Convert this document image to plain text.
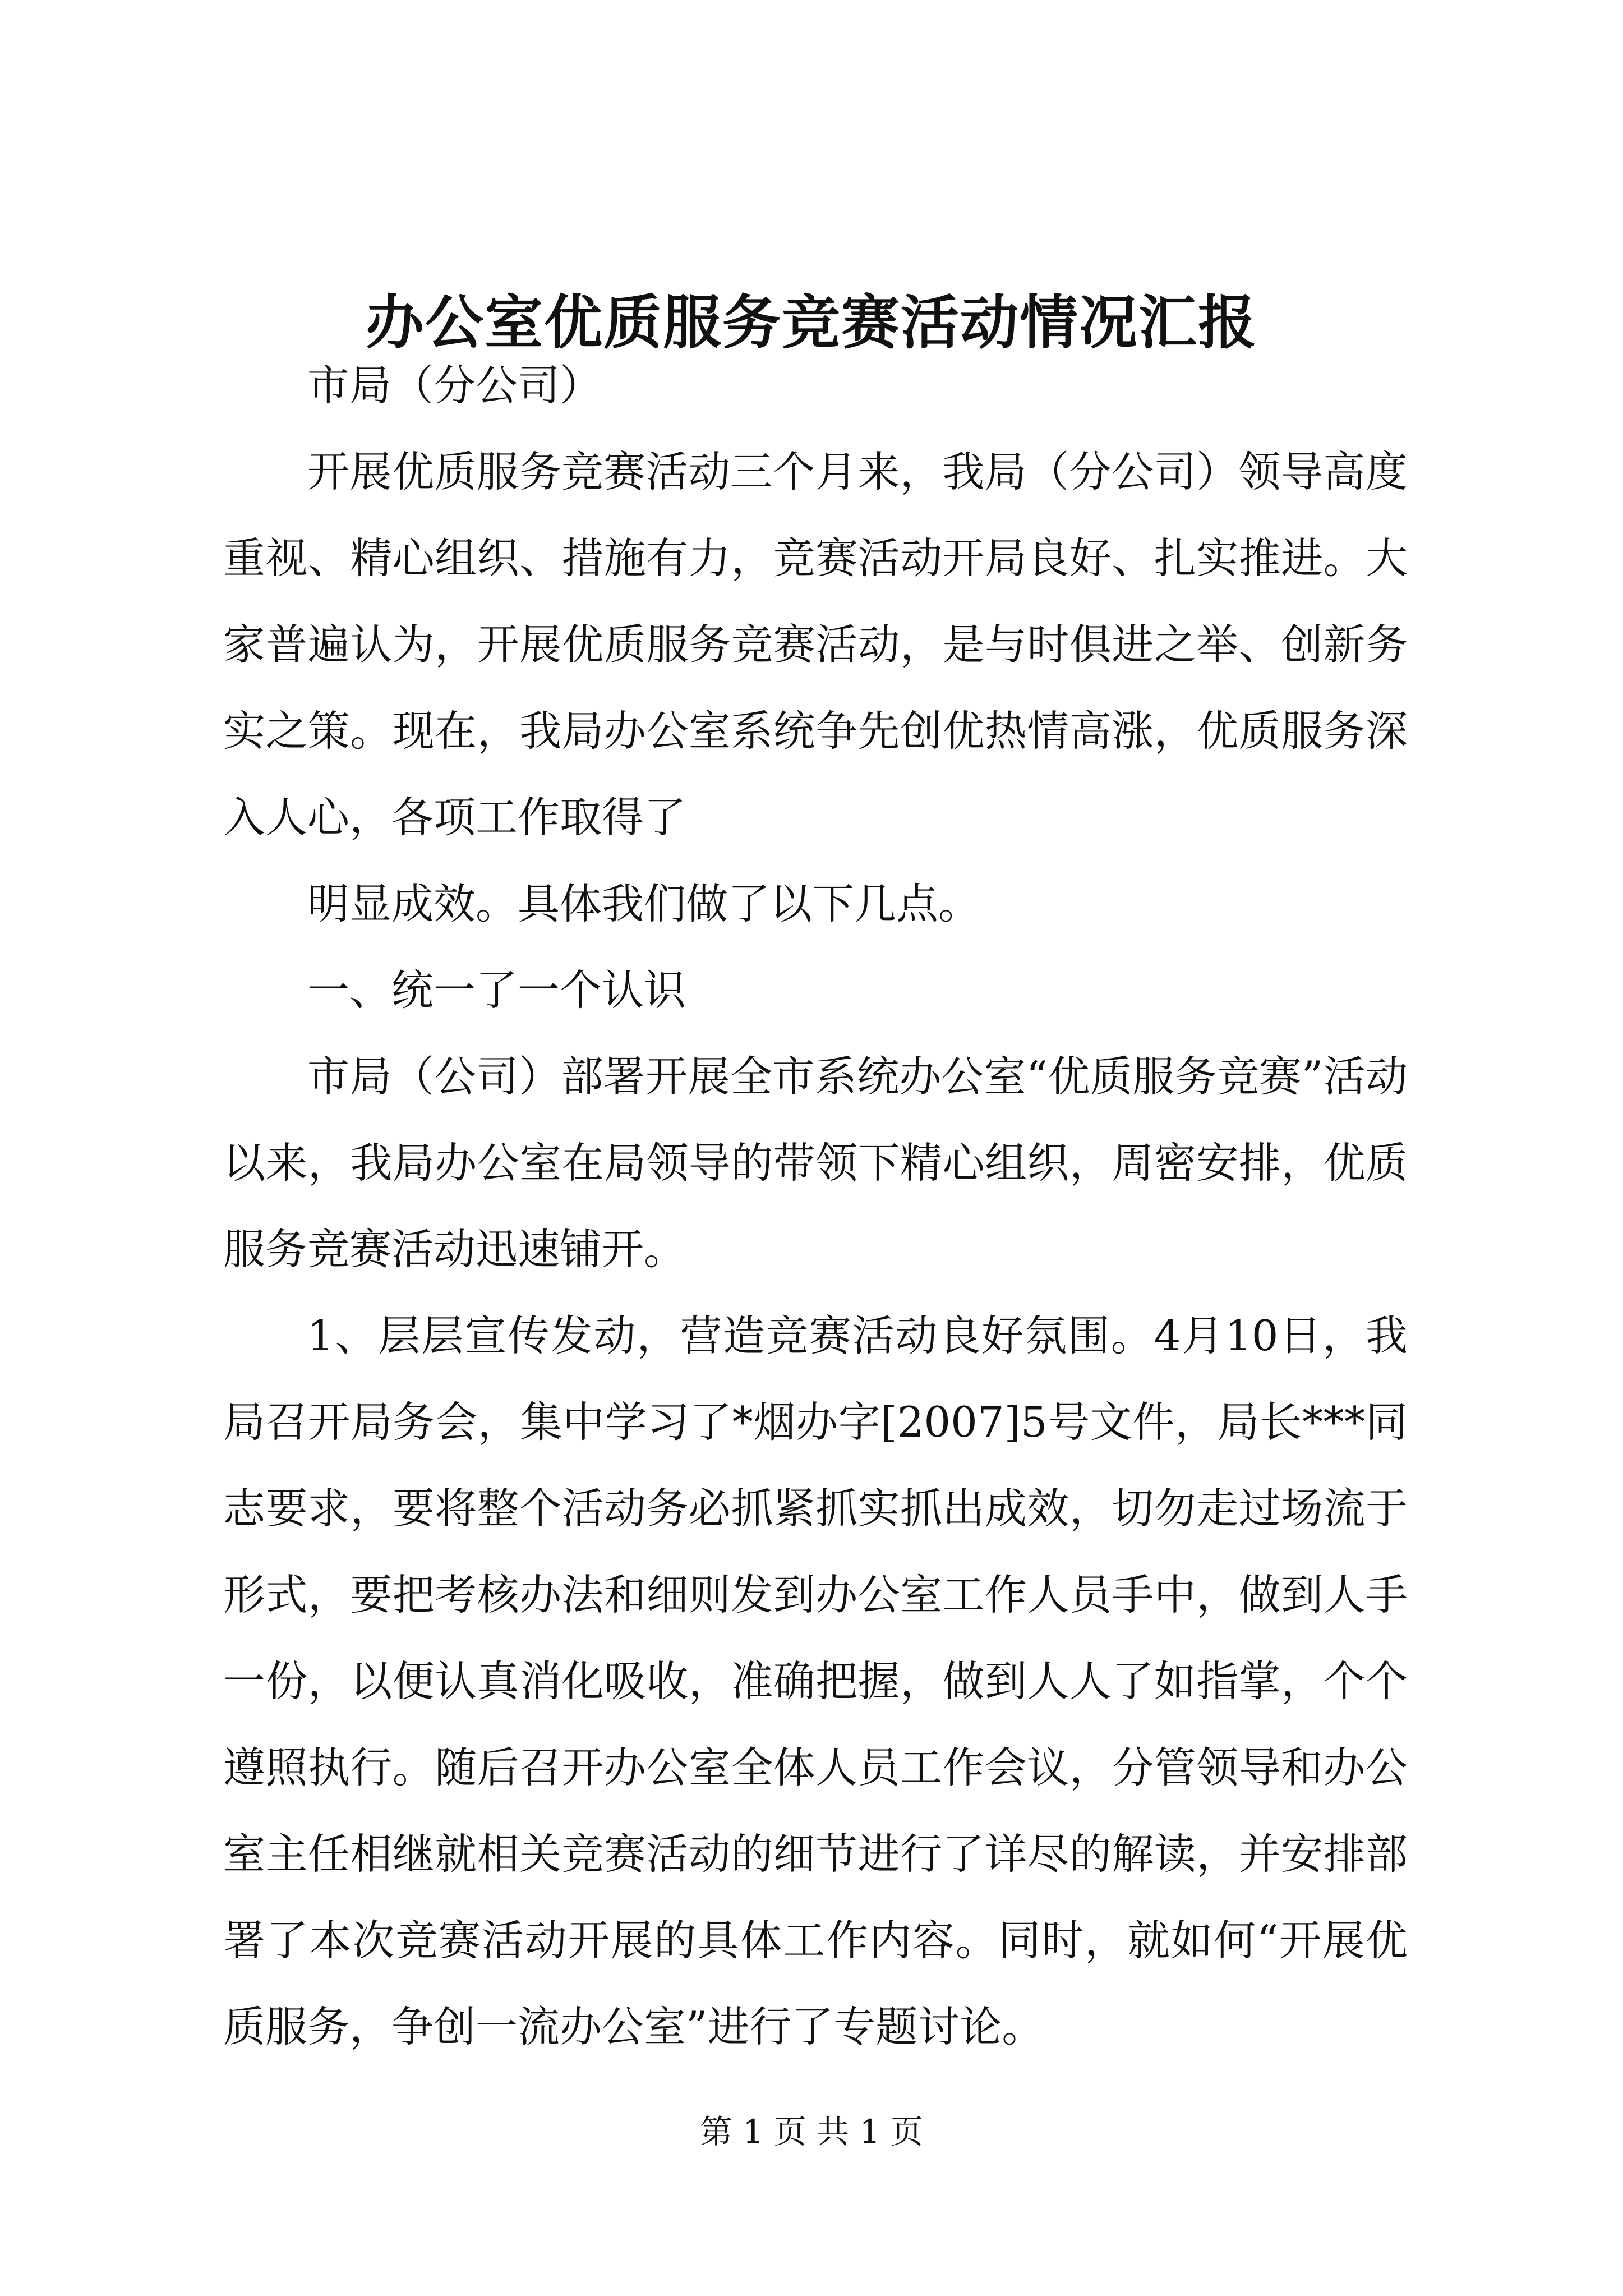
办公室优质服务竞赛活动情况汇报

市局（分公司）

开展优质服务竞赛活动三个月来，我局（分公司）领导高度重视、精心组织、措施有力，竞赛活动开局良好、扎实推进。大家普遍认为，开展优质服务竞赛活动，是与时俱进之举、创新务实之策。现在，我局办公室系统争先创优热情高涨，优质服务深入人心，各项工作取得了

明显成效。具体我们做了以下几点。

一、统一了一个认识

市局（公司）部署开展全市系统办公室“优质服务竞赛”活动以来，我局办公室在局领导的带领下精心组织，周密安排，优质服务竞赛活动迅速铺开。

1、层层宣传发动，营造竞赛活动良好氛围。4月10日，我局召开局务会，集中学习了*烟办字[2007]5号文件，局长***同志要求，要将整个活动务必抓紧抓实抓出成效，切勿走过场流于形式，要把考核办法和细则发到办公室工作人员手中，做到人手一份，以便认真消化吸收，准确把握，做到人人了如指掌，个个遵照执行。随后召开办公室全体人员工作会议，分管领导和办公室主任相继就相关竞赛活动的细节进行了详尽的解读，并安排部署了本次竞赛活动开展的具体工作内容。同时，就如何“开展优质服务，争创一流办公室”进行了专题讨论。

第 1 页 共 1 页
